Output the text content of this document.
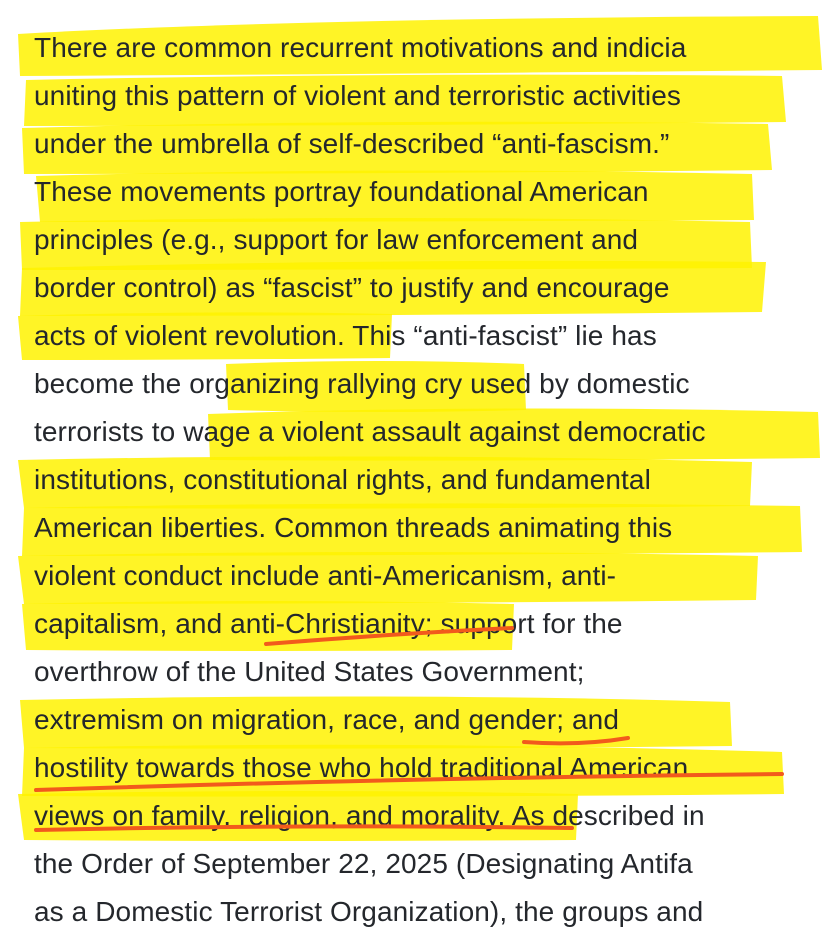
There are common recurrent motivations and indicia
uniting this pattern of violent and terroristic activities
under the umbrella of self-described “anti-fascism.”
These movements portray foundational American
principles (e.g., support for law enforcement and
border control) as “fascist” to justify and encourage
acts of violent revolution. This “anti-fascist” lie has
become the organizing rallying cry used by domestic
terrorists to wage a violent assault against democratic
institutions, constitutional rights, and fundamental
American liberties. Common threads animating this
violent conduct include anti-Americanism, anti-
capitalism, and anti-Christianity; support for the
overthrow of the United States Government;
extremism on migration, race, and gender; and
hostility towards those who hold traditional American
views on family, religion, and morality. As described in
the Order of September 22, 2025 (Designating Antifa
as a Domestic Terrorist Organization), the groups and
